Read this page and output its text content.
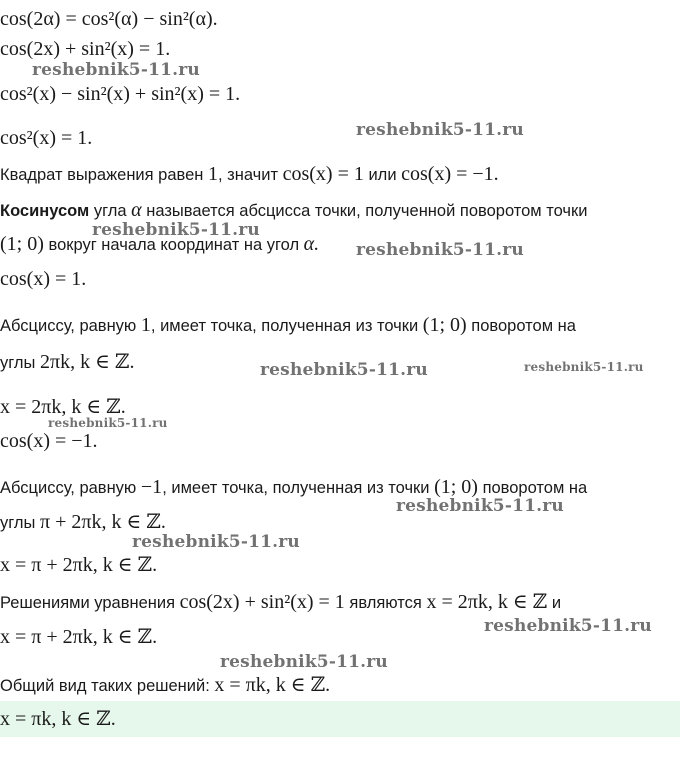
cos(2α) = cos²(α) − sin²(α).
cos(2x) + sin²(x) = 1.
cos²(x) − sin²(x) + sin²(x) = 1.
cos²(x) = 1.
Квадрат выражения равен 1, значит cos(x) = 1 или cos(x) = −1.
Косинусом угла α называется абсцисса точки, полученной поворотом точки
(1; 0) вокруг начала координат на угол α.
cos(x) = 1.
Абсциссу, равную 1, имеет точка, полученная из точки (1; 0) поворотом на
углы 2πk, k ∈ ℤ.
x = 2πk, k ∈ ℤ.
cos(x) = −1.
Абсциссу, равную −1, имеет точка, полученная из точки (1; 0) поворотом на
углы π + 2πk, k ∈ ℤ.
x = π + 2πk, k ∈ ℤ.
Решениями уравнения cos(2x) + sin²(x) = 1 являются x = 2πk, k ∈ ℤ и
x = π + 2πk, k ∈ ℤ.
Общий вид таких решений: x = πk, k ∈ ℤ.
x = πk, k ∈ ℤ.
reshebnik5-11.ru
reshebnik5-11.ru
reshebnik5-11.ru
reshebnik5-11.ru
reshebnik5-11.ru	reshebnik5-11.ru
reshebnik5-11.ru
reshebnik5-11.ru
reshebnik5-11.ru
reshebnik5-11.ru
reshebnik5-11.ru
